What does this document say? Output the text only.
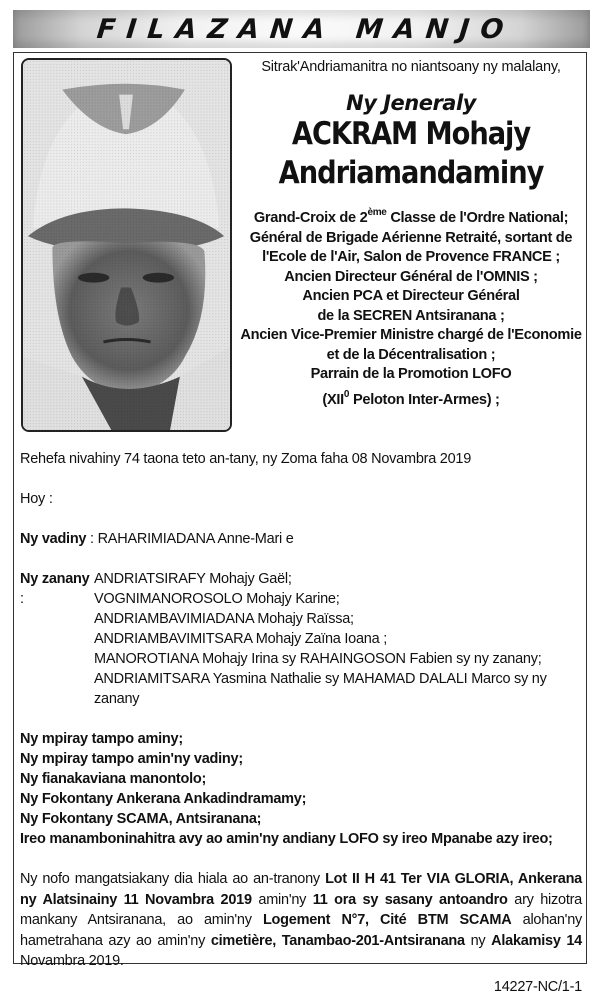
FILAZANA MANJO
Sitrak'Andriamanitra no niantsoany ny malalany,
Ny Jeneraly
ACKRAM Mohajy
Andriamandaminy
Grand-Croix de 2ème Classe de l'Ordre National;
Général de Brigade Aérienne Retraité, sortant de
l'Ecole de l'Air, Salon de Provence FRANCE ;
Ancien Directeur Général de l'OMNIS ;
Ancien PCA et Directeur Général
de la SECREN Antsiranana ;
Ancien Vice-Premier Ministre chargé de l'Economie
et de la Décentralisation ;
Parrain de la Promotion LOFO
(XII$^0$ Peloton Inter-Armes) ;
Rehefa nivahiny 74 taona teto an-tany, ny Zoma faha 08 Novambra 2019
Hoy :
Ny vadiny : RAHARIMIADANA Anne-Mari e
Ny zanany :
ANDRIATSIRAFY Mohajy Gaël;
VOGNIMANOROSOLO Mohajy Karine;
ANDRIAMBAVIMIADANA Mohajy Raïssa;
ANDRIAMBAVIMITSARA Mohajy Zaïna Ioana ;
MANOROTIANA Mohajy Irina sy RAHAINGOSON Fabien sy ny zanany;
ANDRIAMITSARA Yasmina Nathalie sy MAHAMAD DALALI Marco sy ny zanany
Ny mpiray tampo aminy;
Ny mpiray tampo amin'ny vadiny;
Ny fianakaviana manontolo;
Ny Fokontany Ankerana Ankadindramamy;
Ny Fokontany SCAMA, Antsiranana;
Ireo manamboninahitra avy ao amin'ny andiany LOFO sy ireo Mpanabe azy ireo;
Ny nofo mangatsiakany dia hiala ao an-tranony Lot II H 41 Ter VIA GLORIA, Ankerana ny Alatsinainy 11 Novambra 2019 amin'ny 11 ora sy sasany antoandro ary hizotra mankany Antsiranana, ao amin'ny Logement N°7, Cité BTM SCAMA alohan'ny hametrahana azy ao amin'ny cimetière, Tanambao-201-Antsiranana ny Alakamisy 14 Novambra 2019.
14227-NC/1-1
